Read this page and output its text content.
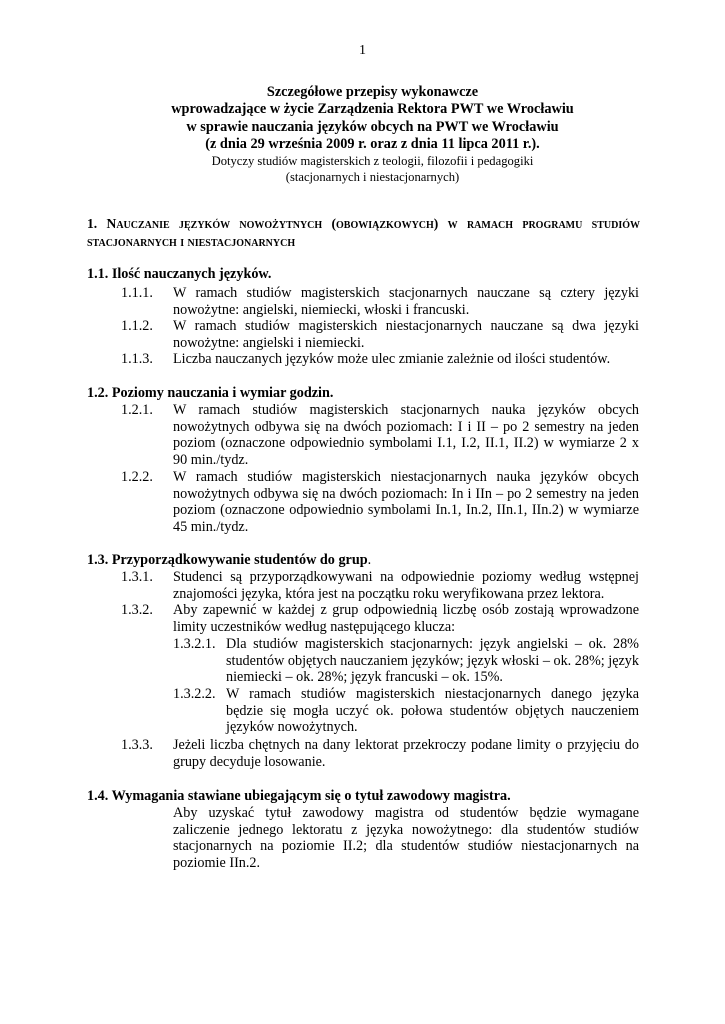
1
Szczegółowe przepisy wykonawcze
wprowadzające w życie Zarządzenia Rektora PWT we Wrocławiu
w sprawie nauczania języków obcych na PWT we Wrocławiu
(z dnia 29 września 2009 r. oraz z dnia 11 lipca 2011 r.).
Dotyczy studiów magisterskich z teologii, filozofii i pedagogiki
(stacjonarnych i niestacjonarnych)
1. Nauczanie języków nowożytnych (obowiązkowych) w ramach programu studiów stacjonarnych i niestacjonarnych
1.1. Ilość nauczanych języków.
1.1.1. W ramach studiów magisterskich stacjonarnych nauczane są cztery języki nowożytne: angielski, niemiecki, włoski i francuski.
1.1.2. W ramach studiów magisterskich niestacjonarnych nauczane są dwa języki nowożytne: angielski i niemiecki.
1.1.3. Liczba nauczanych języków może ulec zmianie zależnie od ilości studentów.
1.2. Poziomy nauczania i wymiar godzin.
1.2.1. W ramach studiów magisterskich stacjonarnych nauka języków obcych nowożytnych odbywa się na dwóch poziomach: I i II – po 2 semestry na jeden poziom (oznaczone odpowiednio symbolami I.1, I.2, II.1, II.2) w wymiarze 2 x 90 min./tydz.
1.2.2. W ramach studiów magisterskich niestacjonarnych nauka języków obcych nowożytnych odbywa się na dwóch poziomach: In i IIn – po 2 semestry na jeden poziom (oznaczone odpowiednio symbolami In.1, In.2, IIn.1, IIn.2) w wymiarze 45 min./tydz.
1.3. Przyporządkowywanie studentów do grup.
1.3.1. Studenci są przyporządkowywani na odpowiednie poziomy według wstępnej znajomości języka, która jest na początku roku weryfikowana przez lektora.
1.3.2. Aby zapewnić w każdej z grup odpowiednią liczbę osób zostają wprowadzone limity uczestników według następującego klucza:
1.3.2.1. Dla studiów magisterskich stacjonarnych: język angielski – ok. 28% studentów objętych nauczaniem języków; język włoski – ok. 28%; język niemiecki – ok. 28%; język francuski – ok. 15%.
1.3.2.2. W ramach studiów magisterskich niestacjonarnych danego języka będzie się mogła uczyć ok. połowa studentów objętych nauczeniem języków nowożytnych.
1.3.3. Jeżeli liczba chętnych na dany lektorat przekroczy podane limity o przyjęciu do grupy decyduje losowanie.
1.4. Wymagania stawiane ubiegającym się o tytuł zawodowy magistra.
Aby uzyskać tytuł zawodowy magistra od studentów będzie wymagane zaliczenie jednego lektoratu z języka nowożytnego: dla studentów studiów stacjonarnych na poziomie II.2; dla studentów studiów niestacjonarnych na poziomie IIn.2.
